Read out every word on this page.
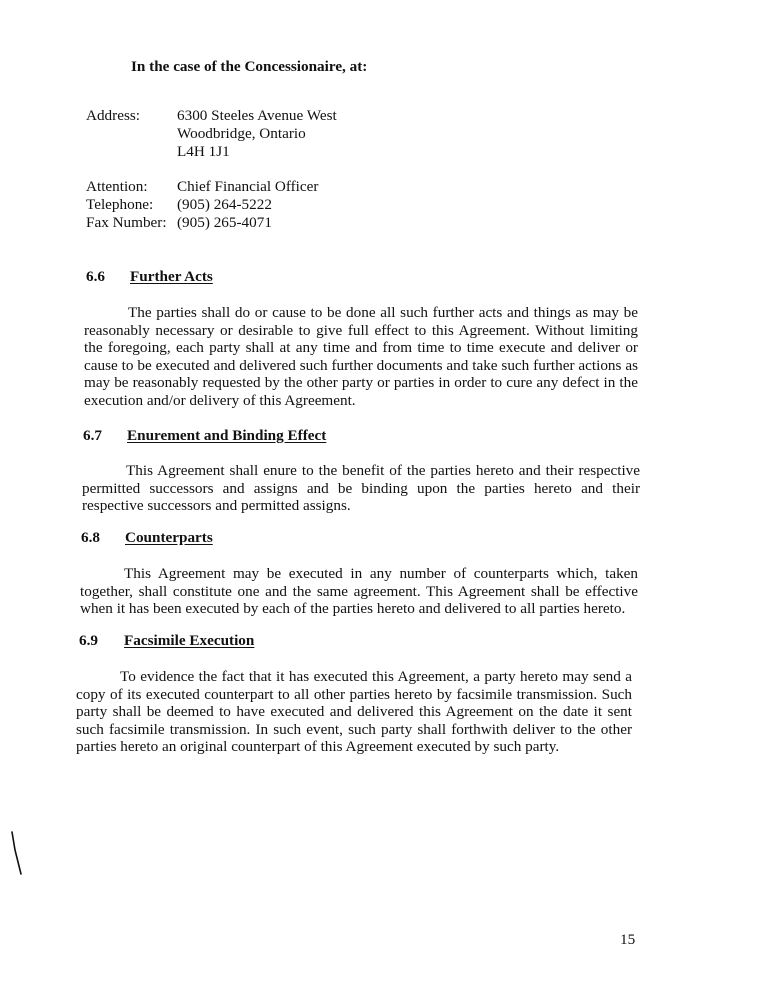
In the case of the Concessionaire, at:
Address:	6300 Steeles Avenue West
Woodbridge, Ontario
L4H 1J1
Attention:	Chief Financial Officer
Telephone:	(905) 264-5222
Fax Number: (905) 265-4071
6.6 Further Acts
The parties shall do or cause to be done all such further acts and things as may be reasonably necessary or desirable to give full effect to this Agreement. Without limiting the foregoing, each party shall at any time and from time to time execute and deliver or cause to be executed and delivered such further documents and take such further actions as may be reasonably requested by the other party or parties in order to cure any defect in the execution and/or delivery of this Agreement.
6.7 Enurement and Binding Effect
This Agreement shall enure to the benefit of the parties hereto and their respective permitted successors and assigns and be binding upon the parties hereto and their respective successors and permitted assigns.
6.8 Counterparts
This Agreement may be executed in any number of counterparts which, taken together, shall constitute one and the same agreement. This Agreement shall be effective when it has been executed by each of the parties hereto and delivered to all parties hereto.
6.9 Facsimile Execution
To evidence the fact that it has executed this Agreement, a party hereto may send a copy of its executed counterpart to all other parties hereto by facsimile transmission. Such party shall be deemed to have executed and delivered this Agreement on the date it sent such facsimile transmission. In such event, such party shall forthwith deliver to the other parties hereto an original counterpart of this Agreement executed by such party.
15
